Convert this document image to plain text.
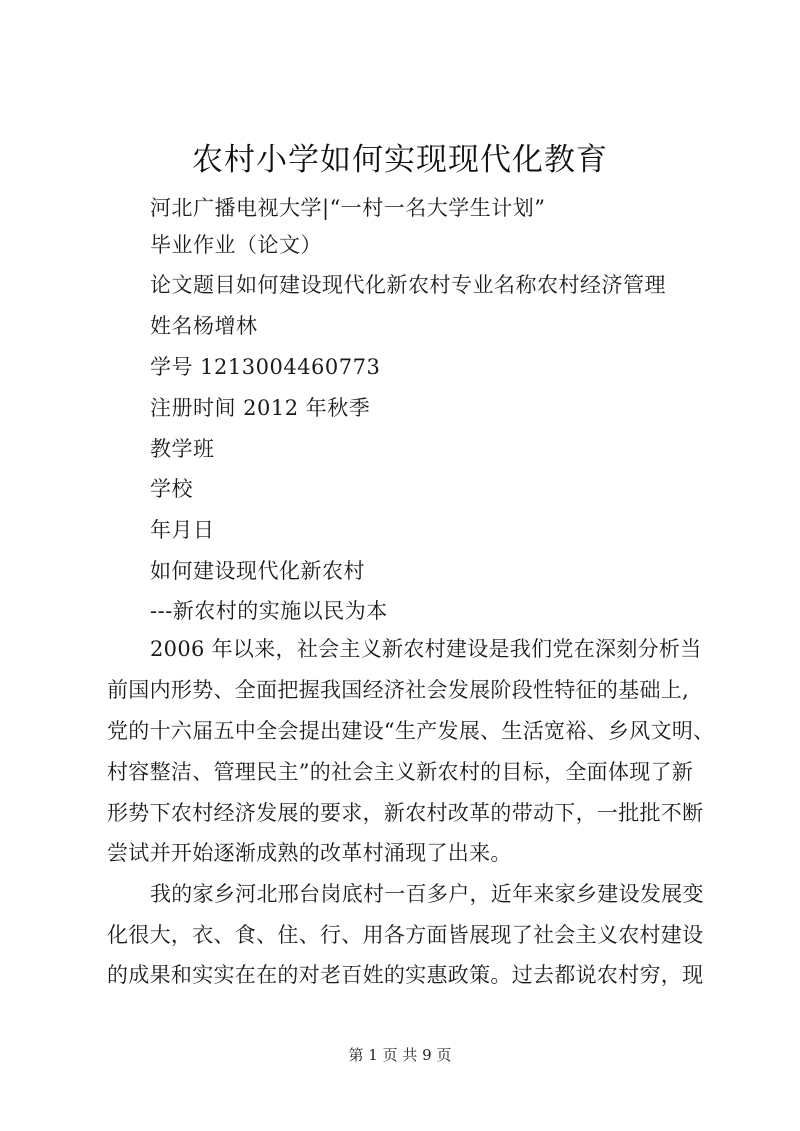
农村小学如何实现现代化教育
河北广播电视大学|“一村一名大学生计划”
毕业作业（论文）
论文题目如何建设现代化新农村专业名称农村经济管理
姓名杨增林
学号 1213004460773
注册时间 2012 年秋季
教学班
学校
年月日
如何建设现代化新农村
---新农村的实施以民为本
2006 年以来，社会主义新农村建设是我们党在深刻分析当
前国内形势、全面把握我国经济社会发展阶段性特征的基础上,
党的十六届五中全会提出建设“生产发展、生活宽裕、乡风文明、
村容整洁、管理民主”的社会主义新农村的目标，全面体现了新
形势下农村经济发展的要求，新农村改革的带动下，一批批不断
尝试并开始逐渐成熟的改革村涌现了出来。
我的家乡河北邢台岗底村一百多户，近年来家乡建设发展变
化很大，衣、食、住、行、用各方面皆展现了社会主义农村建设
的成果和实实在在的对老百姓的实惠政策。过去都说农村穷，现
第 1 页 共 9 页
